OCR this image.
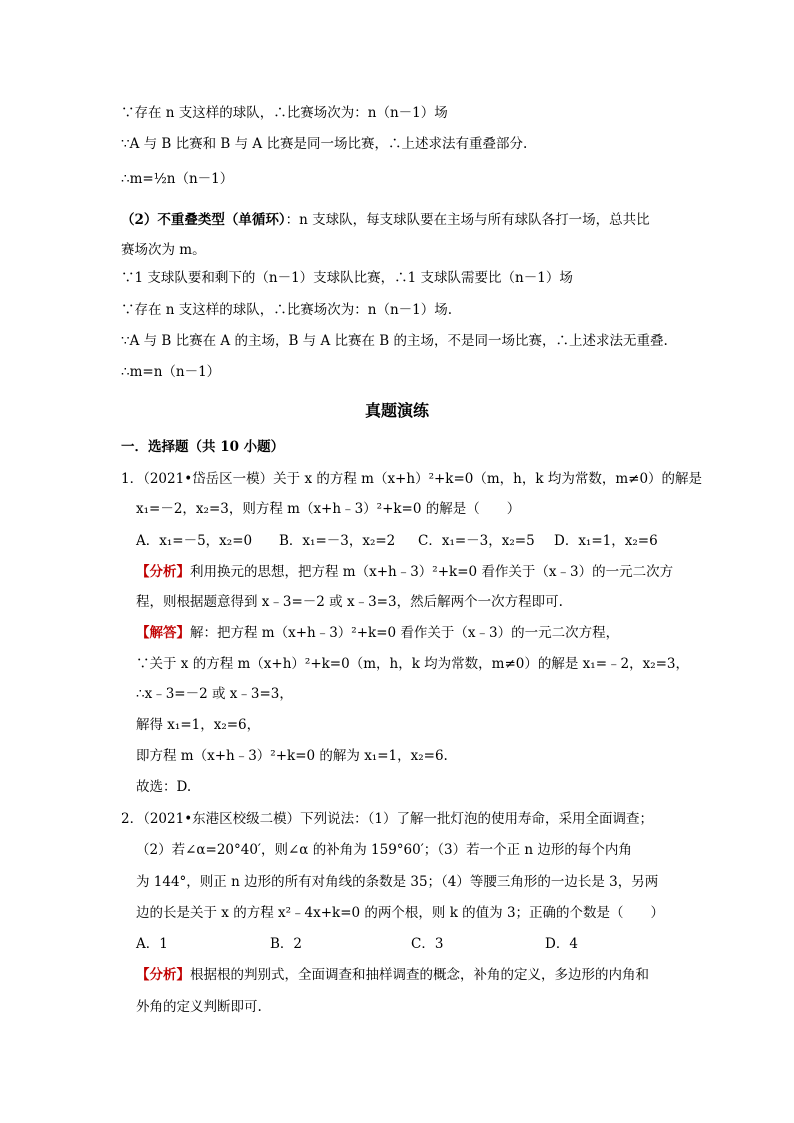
∵存在 n 支这样的球队，∴比赛场次为：n（n－1）场
∵A 与 B 比赛和 B 与 A 比赛是同一场比赛，∴上述求法有重叠部分.
∴m=½n（n－1）
（2）不重叠类型（单循环）：n 支球队，每支球队要在主场与所有球队各打一场，总共比
赛场次为 m。
∵1 支球队要和剩下的（n－1）支球队比赛，∴1 支球队需要比（n－1）场
∵存在 n 支这样的球队，∴比赛场次为：n（n－1）场.
∵A 与 B 比赛在 A 的主场，B 与 A 比赛在 B 的主场，不是同一场比赛，∴上述求法无重叠.
∴m=n（n－1）
真题演练
一．选择题（共 10 小题）
1．（2021•岱岳区一模）关于 x 的方程 m（x+h）²+k=0（m，h，k 均为常数，m≠0）的解是
x₁=－2，x₂=3，则方程 m（x+h﹣3）²+k=0 的解是（　　）
A．x₁=－5，x₂=0 B．x₁=－3，x₂=2 C．x₁=－3，x₂=5 D．x₁=1，x₂=6
【分析】利用换元的思想，把方程 m（x+h﹣3）²+k=0 看作关于（x﹣3）的一元二次方
程，则根据题意得到 x﹣3=－2 或 x﹣3=3，然后解两个一次方程即可.
【解答】解：把方程 m（x+h﹣3）²+k=0 看作关于（x﹣3）的一元二次方程，
∵关于 x 的方程 m（x+h）²+k=0（m，h，k 均为常数，m≠0）的解是 x₁=﹣2，x₂=3，
∴x﹣3=－2 或 x﹣3=3，
解得 x₁=1，x₂=6，
即方程 m（x+h﹣3）²+k=0 的解为 x₁=1，x₂=6.
故选：D.
2．（2021•东港区校级二模）下列说法：（1）了解一批灯泡的使用寿命，采用全面调查；
（2）若∠α=20°40′，则∠α 的补角为 159°60′；（3）若一个正 n 边形的每个内角
为 144°，则正 n 边形的所有对角线的条数是 35；（4）等腰三角形的一边长是 3，另两
边的长是关于 x 的方程 x²﹣4x+k=0 的两个根，则 k 的值为 3；正确的个数是（　　）
A．1	B．2	C．3	D．4
【分析】根据根的判别式，全面调查和抽样调查的概念，补角的定义，多边形的内角和
外角的定义判断即可.
